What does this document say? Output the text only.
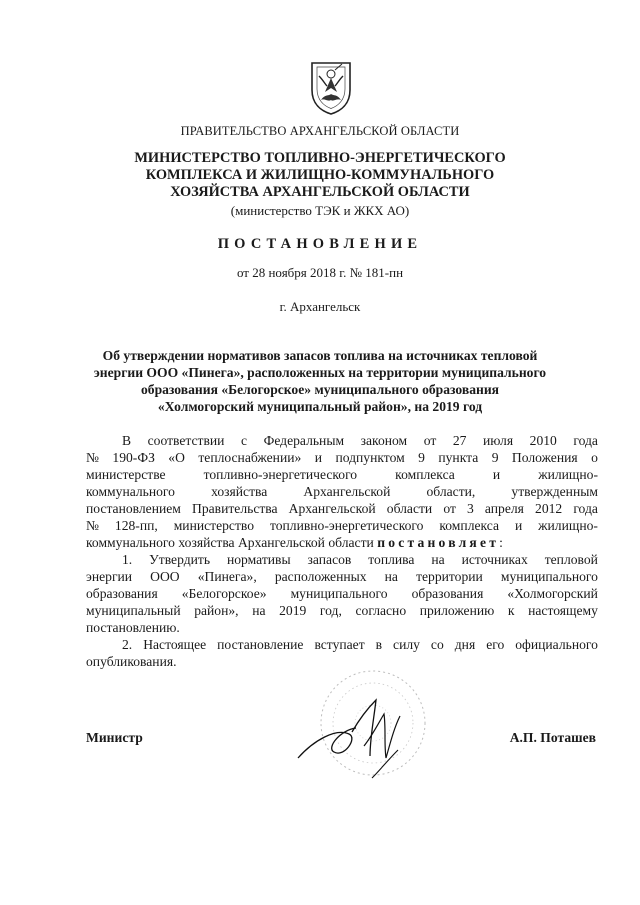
ПРАВИТЕЛЬСТВО АРХАНГЕЛЬСКОЙ ОБЛАСТИ
МИНИСТЕРСТВО ТОПЛИВНО-ЭНЕРГЕТИЧЕСКОГО
КОМПЛЕКСА И ЖИЛИЩНО-КОММУНАЛЬНОГО
ХОЗЯЙСТВА АРХАНГЕЛЬСКОЙ ОБЛАСТИ
(министерство ТЭК и ЖКХ АО)
ПОСТАНОВЛЕНИЕ
от 28 ноября 2018 г. № 181-пн
г. Архангельск
Об утверждении нормативов запасов топлива на источниках тепловой
энергии ООО «Пинега», расположенных на территории муниципального
образования «Белогорское» муниципального образования
«Холмогорский муниципальный район», на 2019 год
В соответствии с Федеральным законом от 27 июля 2010 года
№ 190-ФЗ «О теплоснабжении» и подпунктом 9 пункта 9 Положения о
министерстве	топливно-энергетического	комплекса	и	жилищно-
коммунального	хозяйства	Архангельской	области,	утвержденным
постановлением Правительства Архангельской области от 3 апреля 2012 года
№ 128-пп, министерство топливно-энергетического комплекса и жилищно-
коммунального хозяйства Архангельской области
постановляет :
1. Утвердить нормативы запасов топлива на источниках тепловой
энергии ООО «Пинега», расположенных на территории муниципального
образования «Белогорское» муниципального образования «Холмогорский
муниципальный район», на 2019 год, согласно приложению к настоящему
постановлению.
2. Настоящее постановление вступает в силу со дня его официального
опубликования.
Министр	А.П. Поташев
